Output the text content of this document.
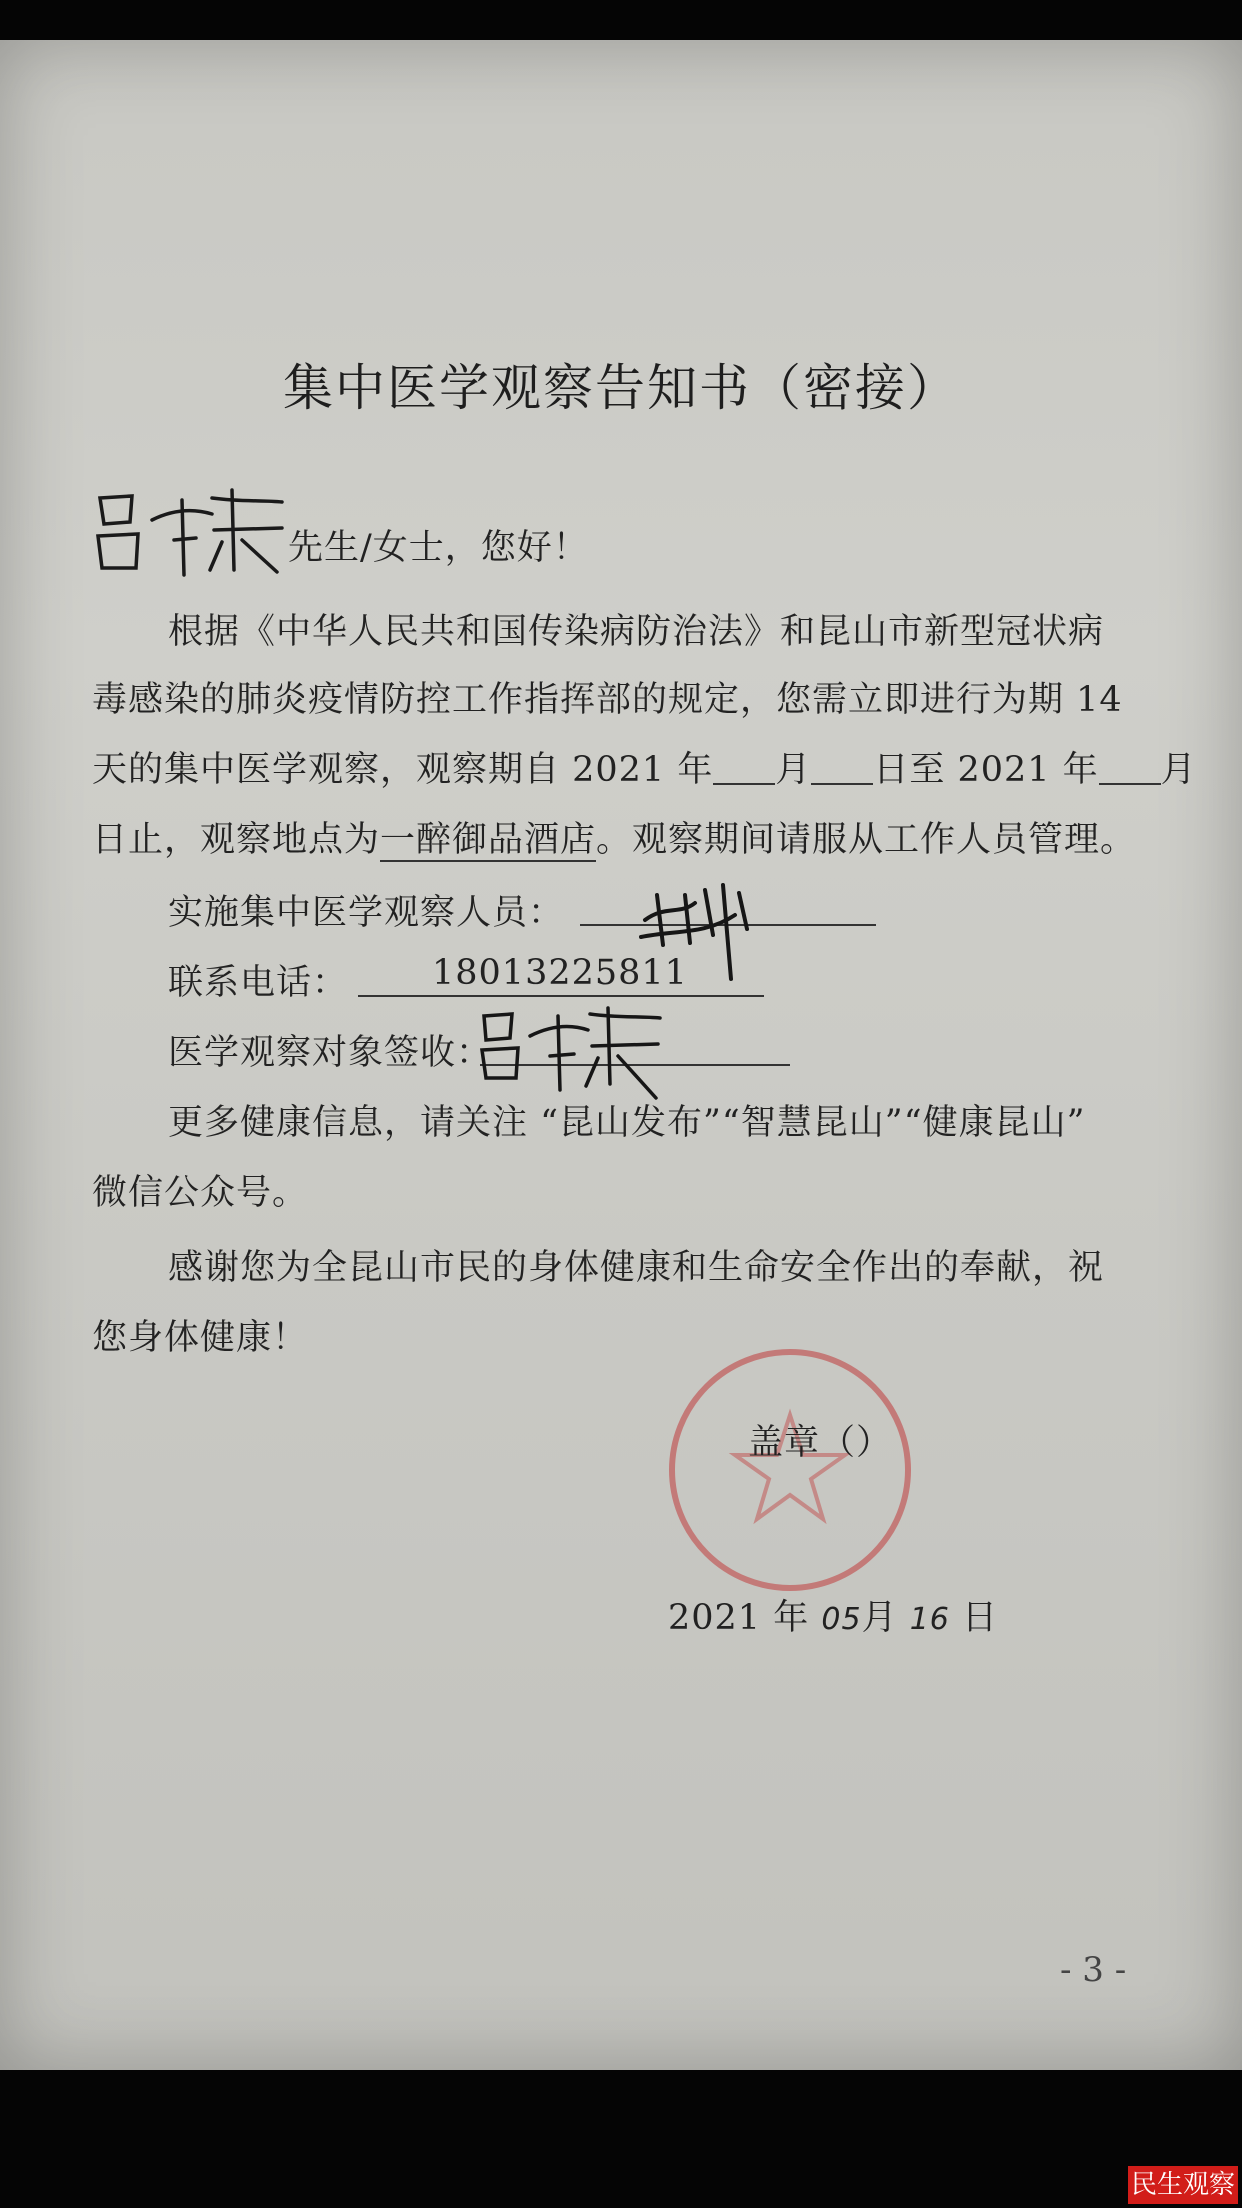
集中医学观察告知书（密接）
先生/女士，您好！
根据《中华人民共和国传染病防治法》和昆山市新型冠状病
毒感染的肺炎疫情防控工作指挥部的规定，您需立即进行为期 14
天的集中医学观察，观察期自 2021 年 月 日至 2021 年 月
日止，观察地点为一醉御品酒店。观察期间请服从工作人员管理。
实施集中医学观察人员：
联系电话： 18013225811
医学观察对象签收：
更多健康信息，请关注 “昆山发布”“智慧昆山”“健康昆山”
微信公众号。
感谢您为全昆山市民的身体健康和生命安全作出的奉献，祝
您身体健康！
盖章（）
2021 年 05月 16 日
- 3 -
民生观察
